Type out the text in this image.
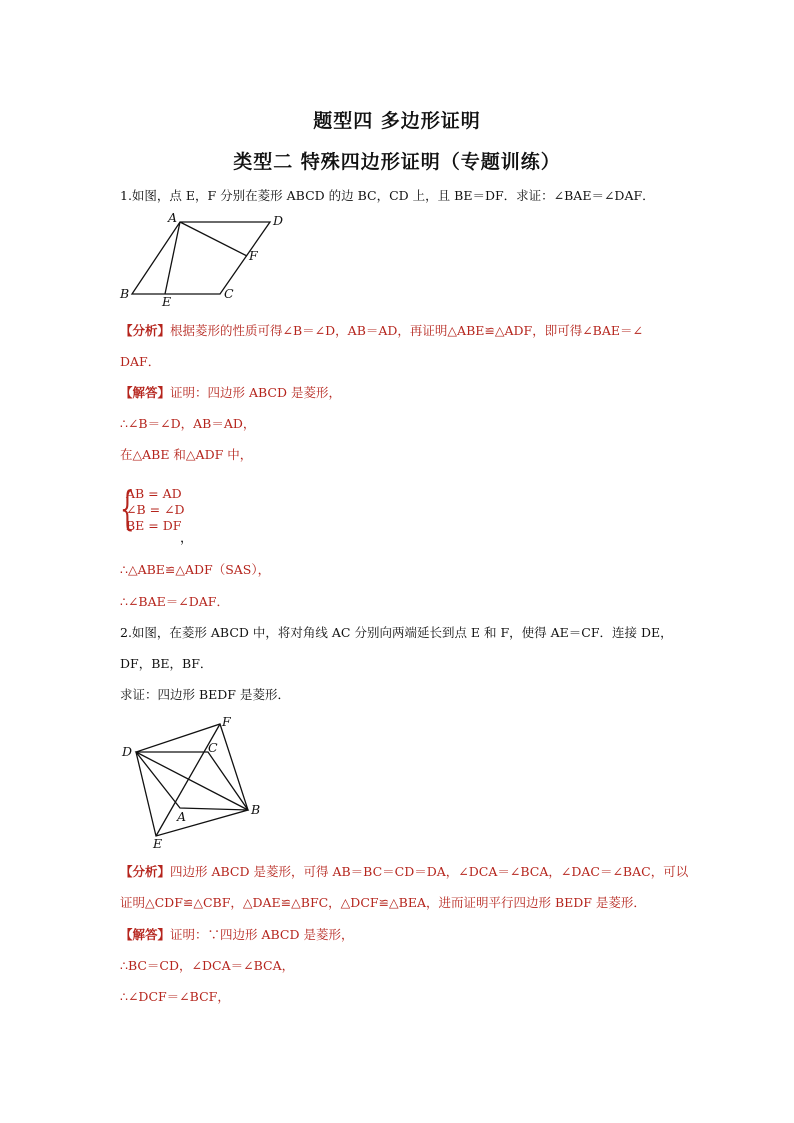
题型四 多边形证明
类型二 特殊四边形证明（专题训练）
1.如图，点 E，F 分别在菱形 ABCD 的边 BC，CD 上，且 BE＝DF．求证：∠BAE＝∠DAF．
A	D
F
B
E
C
【分析】根据菱形的性质可得∠B＝∠D，AB＝AD，再证明△ABE≌△ADF，即可得∠BAE＝∠
DAF．
【解答】证明：四边形 ABCD 是菱形，
∴∠B＝∠D，AB＝AD，
在△ABE 和△ADF 中，
{
AB = AD
∠B = ∠D
BE = DF
，
∴△ABE≌△ADF（SAS），
∴∠BAE＝∠DAF．
2.如图，在菱形 ABCD 中，将对角线 AC 分别向两端延长到点 E 和 F，使得 AE＝CF．连接 DE，
DF，BE，BF．
求证：四边形 BEDF 是菱形．
F
D	C
B
A
E
【分析】四边形 ABCD 是菱形，可得 AB＝BC＝CD＝DA，∠DCA＝∠BCA，∠DAC＝∠BAC，可以
证明△CDF≌△CBF，△DAE≌△BFC，△DCF≌△BEA，进而证明平行四边形 BEDF 是菱形．
【解答】证明：∵四边形 ABCD 是菱形，
∴BC＝CD，∠DCA＝∠BCA，
∴∠DCF＝∠BCF，
